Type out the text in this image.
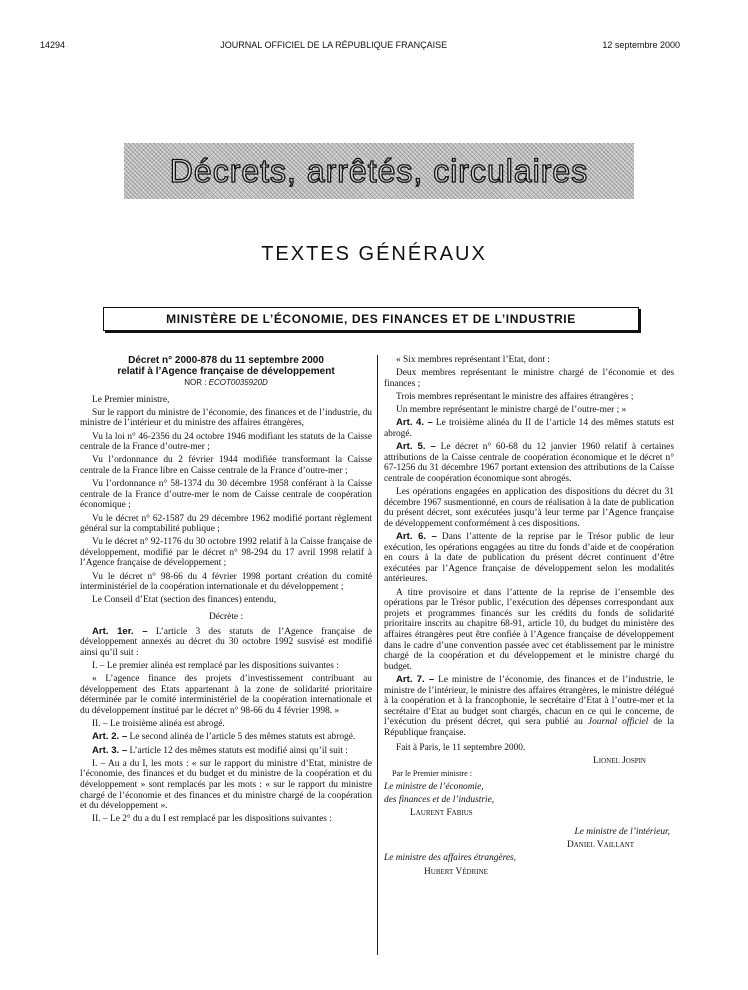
14294	JOURNAL OFFICIEL DE LA RÉPUBLIQUE FRANÇAISE	12 septembre 2000
Décrets, arrêtés, circulaires
TEXTES GÉNÉRAUX
MINISTÈRE DE L’ÉCONOMIE, DES FINANCES ET DE L’INDUSTRIE
Décret n° 2000-878 du 11 septembre 2000
relatif à l’Agence française de développement
NOR : ECOT0035920D

Le Premier ministre,

Sur le rapport du ministre de l’économie, des finances et de l’industrie, du ministre de l’intérieur et du ministre des affaires étrangères,

Vu la loi n° 46-2356 du 24 octobre 1946 modifiant les statuts de la Caisse centrale de la France d’outre-mer ;

Vu l’ordonnance du 2 février 1944 modifiée transformant la Caisse centrale de la France libre en Caisse centrale de la France d’outre-mer ;

Vu l’ordonnance n° 58-1374 du 30 décembre 1958 conférant à la Caisse centrale de la France d’outre-mer le nom de Caisse centrale de coopération économique ;

Vu le décret n° 62-1587 du 29 décembre 1962 modifié portant règlement général sur la comptabilité publique ;

Vu le décret n° 92-1176 du 30 octobre 1992 relatif à la Caisse française de développement, modifié par le décret n° 98-294 du 17 avril 1998 relatif à l’Agence française de développement ;

Vu le décret n° 98-66 du 4 février 1998 portant création du comité interministériel de la coopération internationale et du développement ;

Le Conseil d’Etat (section des finances) entendu,

Décrète :

Art. 1er. – L’article 3 des statuts de l’Agence française de développement annexés au décret du 30 octobre 1992 susvisé est modifié ainsi qu’il suit :

I. – Le premier alinéa est remplacé par les dispositions suivantes :

« L’agence finance des projets d’investissement contribuant au développement des Etats appartenant à la zone de solidarité prioritaire déterminée par le comité interministériel de la coopération internationale et du développement institué par le décret n° 98-66 du 4 février 1998. »

II. – Le troisième alinéa est abrogé.

Art. 2. – Le second alinéa de l’article 5 des mêmes statuts est abrogé.

Art. 3. – L’article 12 des mêmes statuts est modifié ainsi qu’il suit :

I. – Au a du I, les mots : « sur le rapport du ministre d’Etat, ministre de l’économie, des finances et du budget et du ministre de la coopération et du développement » sont remplacés par les mots : « sur le rapport du ministre chargé de l’économie et des finances et du ministre chargé de la coopération et du développement ».

II. – Le 2° du a du I est remplacé par les dispositions suivantes :

« Six membres représentant l’Etat, dont :

Deux membres représentant le ministre chargé de l’économie et des finances ;

Trois membres représentant le ministre des affaires étrangères ;

Un membre représentant le ministre chargé de l’outre-mer ; »

Art. 4. – Le troisième alinéa du II de l’article 14 des mêmes statuts est abrogé.

Art. 5. – Le décret n° 60-68 du 12 janvier 1960 relatif à certaines attributions de la Caisse centrale de coopération économique et le décret n° 67-1256 du 31 décembre 1967 portant extension des attributions de la Caisse centrale de coopération économique sont abrogés.

Les opérations engagées en application des dispositions du décret du 31 décembre 1967 susmentionné, en cours de réalisation à la date de publication du présent décret, sont exécutées jusqu’à leur terme par l’Agence française de développement conformément à ces dispositions.

Art. 6. – Dans l’attente de la reprise par le Trésor public de leur exécution, les opérations engagées au titre du fonds d’aide et de coopération en cours à la date de publication du présent décret continuent d’être exécutées par l’Agence française de développement selon les modalités antérieures.

A titre provisoire et dans l’attente de la reprise de l’ensemble des opérations par le Trésor public, l’exécution des dépenses correspondant aux projets et programmes financés sur les crédits du fonds de solidarité prioritaire inscrits au chapitre 68-91, article 10, du budget du ministère des affaires étrangères peut être confiée à l’Agence française de développement dans le cadre d’une convention passée avec cet établissement par le ministre chargé de la coopération et du développement et le ministre chargé du budget.

Art. 7. – Le ministre de l’économie, des finances et de l’industrie, le ministre de l’intérieur, le ministre des affaires étrangères, le ministre délégué à la coopération et à la francophonie, le secrétaire d’Etat à l’outre-mer et la secrétaire d’Etat au budget sont chargés, chacun en ce qui le concerne, de l’exécution du présent décret, qui sera publié au Journal officiel de la République française.

Fait à Paris, le 11 septembre 2000.

Lionel Jospin

Par le Premier ministre :

Le ministre de l’économie,

des finances et de l’industrie,

Laurent Fabius

Le ministre de l’intérieur,

Daniel Vaillant

Le ministre des affaires étrangères,

Hubert Védrine
